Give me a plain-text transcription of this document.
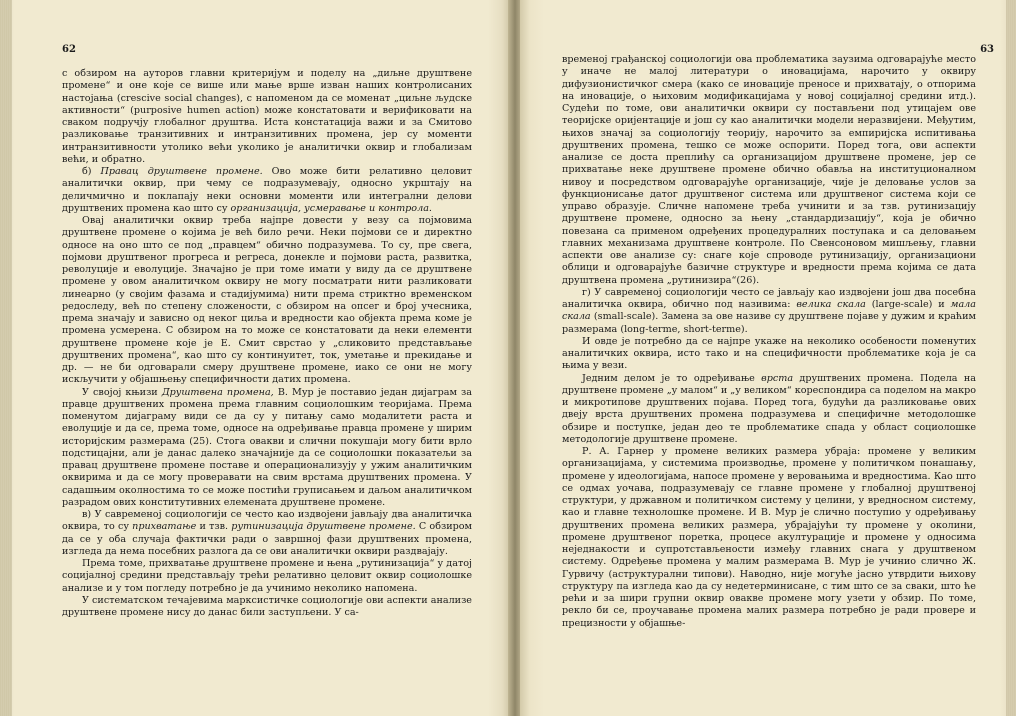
62

с обзиром на ауторов главни критеријум и поделу на „диљне друштвене промене“ и оне које се више или мање врше изван наших контролисаних настојања (crescive social changes), с напоменом да се моменат „циљне људске активности“ (purposive humen action) може констатовати и верификовати на сваком подручју глобалног друштва. Иста констатација важи и за Смитово разликовање транзитивних и интранзитивних промена, јер су моменти интранзитивности утолико већи уколико је аналитички оквир и глобализам већи, и обратно.

б) Правац друштвене промене. Ово може бити релативно целовит аналитички оквир, при чему се подразумевају, односно укрштају на деличмично и поклапају неки основни моменти или интегрални делови друштвених промена као што су организација, усмеравање и контрола.

Овај аналитички оквир треба најпре довести у везу са појмовима друштвене промене о којима је већ било речи. Неки појмови се и директно односе на оно што се под „правцем“ обично подразумева. То су, пре свега, појмови друштвеног прогреса и регреса, донекле и појмови раста, развитка, револуције и еволуције. Значајно је при томе имати у виду да се друштвене промене у овом аналитичком оквиру не могу посматрати нити разликовати линеарно (у својим фазама и стадијумима) нити према стриктно временском редоследу, већ по степену сложености, с обзиром на опсег и број учесника, према значају и зависно од неког циља и вредности као објекта према коме је промена усмерена. С обзиром на то може се констатовати да неки елементи друштвене промене које је Е. Смит сврстао у „сликовито представљање друштвених промена“, као што су континуитет, ток, уметање и прекидање и др. — не би одговарали смеру друштвене промене, иако се они не могу искључити у објашњењу специфичности датих промена.

У својој књизи Друштвена промена, В. Мур је поставио један дијаграм за правце друштвених промена према главним социолошким теоријама. Према поменутом дијаграму види се да су у питању само модалитети раста и еволуције и да се, према томе, односе на одређивање правца промене у ширим историјским размерама (25). Стога овакви и слични покушаји могу бити врло подстицајни, али је данас далеко значајније да се социолошки показатељи за правац друштвене промене поставе и операционализују у ужим аналитичким оквирима и да се могу проверавати на свим врстама друштвених промена. У садашњим околностима то се може постићи груписањем и даљом аналитичком разрадом ових конститутивних елемената друштвене промене.

в) У савременој социологији се често као издвојени јављају два аналитичка оквира, то су прихватање и тзв. рутинизација друштвене промене. С обзиром да се у оба случаја фактички ради о завршној фази друштвених промена, изгледа да нема посебних разлога да се ови аналитички оквири раздвајају.

Према томе, прихватање друштвене промене и њена „рутинизација“ у датој социјалној средини представљају трећи релативно целовит оквир социолошке анализе и у том погледу потребно је да учинимо неколико напомена.

У систематском течајевима марксистичке социологије ови аспекти анализе друштвене промене нису до данас били заступљени. У са-

63

временој грађанској социологији ова проблематика заузима одговарајуће место у иначе не малој литератури о иновацијама, нарочито у оквиру дифузионистичког смера (како се иновације преносе и прихватају, о отпорима на иновације, о њиховим модификацијама у новој социјалној средини итд.). Судећи по томе, ови аналитички оквири су постављени под утицајем ове теоријске оријентације и још су као аналитички модели неразвијени. Међутим, њихов значај за социологију теорију, нарочито за емпиријска испитивања друштвених промена, тешко се може оспорити. Поред тога, ови аспекти анализе се доста преплићу са организацијом друштвене промене, јер се прихватање неке друштвене промене обично обавља на институционалном нивоу и посредством одговарајуће организације, чије је деловање услов за функционисање датог друштвеног система или друштвеног система који се управо образује. Сличне напомене треба учинити и за тзв. рутинизацију друштвене промене, односно за њену „стандардизацију“, која је обично повезана са применом одређених процедуралних поступака и са деловањем главних механизама друштвене контроле. По Свенсоновом мишљењу, главни аспекти ове анализе су: снаге које спроводе рутинизацију, организациони облици и одговарајуће базичне структуре и вредности према којима се дата друштвена промена „рутинизира“(26).

г) У савременој социологији често се јављају као издвојени још два посебна аналитичка оквира, обично под називима: велика скала (large-scale) и мала скала (small-scale). Замена за ове називе су друштвене појаве у дужим и краћим размерама (long-terme, short-terme).

И овде је потребно да се најпре укаже на неколико особености поменутих аналитичких оквира, исто тако и на специфичности проблематике која је са њима у вези.

Једним делом је то одређивање врста друштвених промена. Подела на друштвене промене „у малом“ и „у великом“ кореспондира са поделом на макро и микротипове друштвених појава. Поред тога, будући да разликовање ових двеју врста друштвених промена подразумева и специфичне методолошке обзире и поступке, један део те проблематике спада у област социолошке методологије друштвене промене.

Р. А. Гарнер у промене великих размера убраја: промене у великим организацијама, у системима производње, промене у политичком понашању, промене у идеологијама, напосе промене у веровањима и вредностима. Као што се одмах уочава, подразумевају се главне промене у глобалној друштвеној структури, у државном и политичком систему у целини, у вредносном систему, као и главне технолошке промене. И В. Мур је слично поступио у одређивању друштвених промена великих размера, убрајајући ту промене у околини, промене друштвеног поретка, процесе акултурације и промене у односима неједнакости и супротстављености између главних снага у друштвеном систему. Одређење промена у малим размерама В. Мур је учинио слично Ж. Гурвичу (аструктурални типови). Наводно, није могуће јасно утврдити њихову структуру па изгледа као да су недетерминисане, с тим што се за сваки, што ће рећи и за шири групни оквир овакве промене могу узети у обзир. По томе, рекло би се, проучавање промена малих размера потребно је ради провере и прецизности у објашње-
